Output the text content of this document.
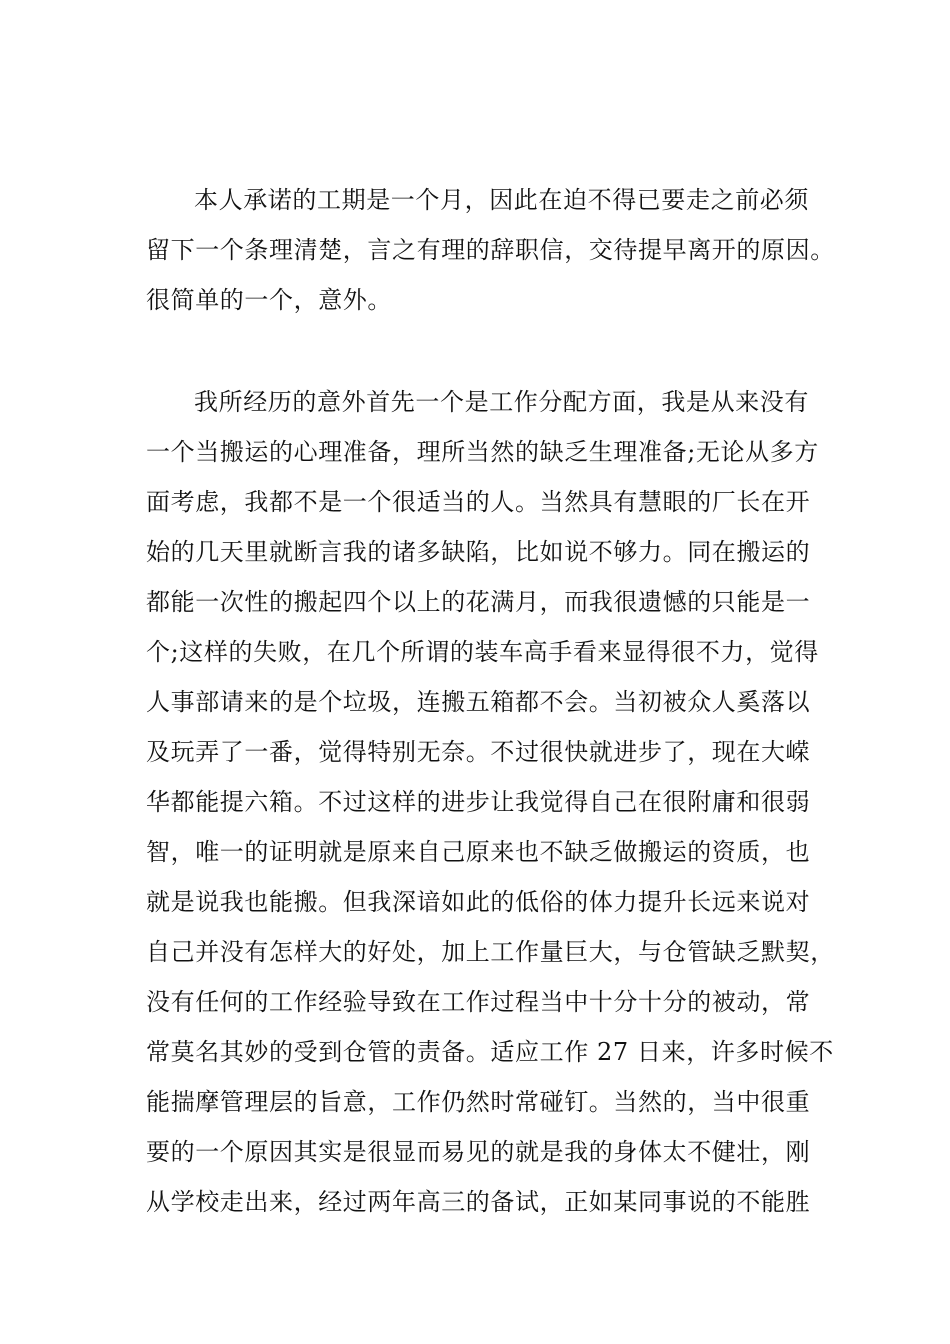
本人承诺的工期是一个月，因此在迫不得已要走之前必须
留下一个条理清楚，言之有理的辞职信，交待提早离开的原因。
很简单的一个，意外。
我所经历的意外首先一个是工作分配方面，我是从来没有
一个当搬运的心理准备，理所当然的缺乏生理准备;无论从多方
面考虑，我都不是一个很适当的人。当然具有慧眼的厂长在开
始的几天里就断言我的诸多缺陷，比如说不够力。同在搬运的
都能一次性的搬起四个以上的花满月，而我很遗憾的只能是一
个;这样的失败，在几个所谓的装车高手看来显得很不力，觉得
人事部请来的是个垃圾，连搬五箱都不会。当初被众人奚落以
及玩弄了一番，觉得特别无奈。不过很快就进步了，现在大嵘
华都能提六箱。不过这样的进步让我觉得自己在很附庸和很弱
智，唯一的证明就是原来自己原来也不缺乏做搬运的资质，也
就是说我也能搬。但我深谙如此的低俗的体力提升长远来说对
自己并没有怎样大的好处，加上工作量巨大，与仓管缺乏默契，
没有任何的工作经验导致在工作过程当中十分十分的被动，常
常莫名其妙的受到仓管的责备。适应工作 27 日来，许多时候不
能揣摩管理层的旨意，工作仍然时常碰钉。当然的，当中很重
要的一个原因其实是很显而易见的就是我的身体太不健壮，刚
从学校走出来，经过两年高三的备试，正如某同事说的不能胜
